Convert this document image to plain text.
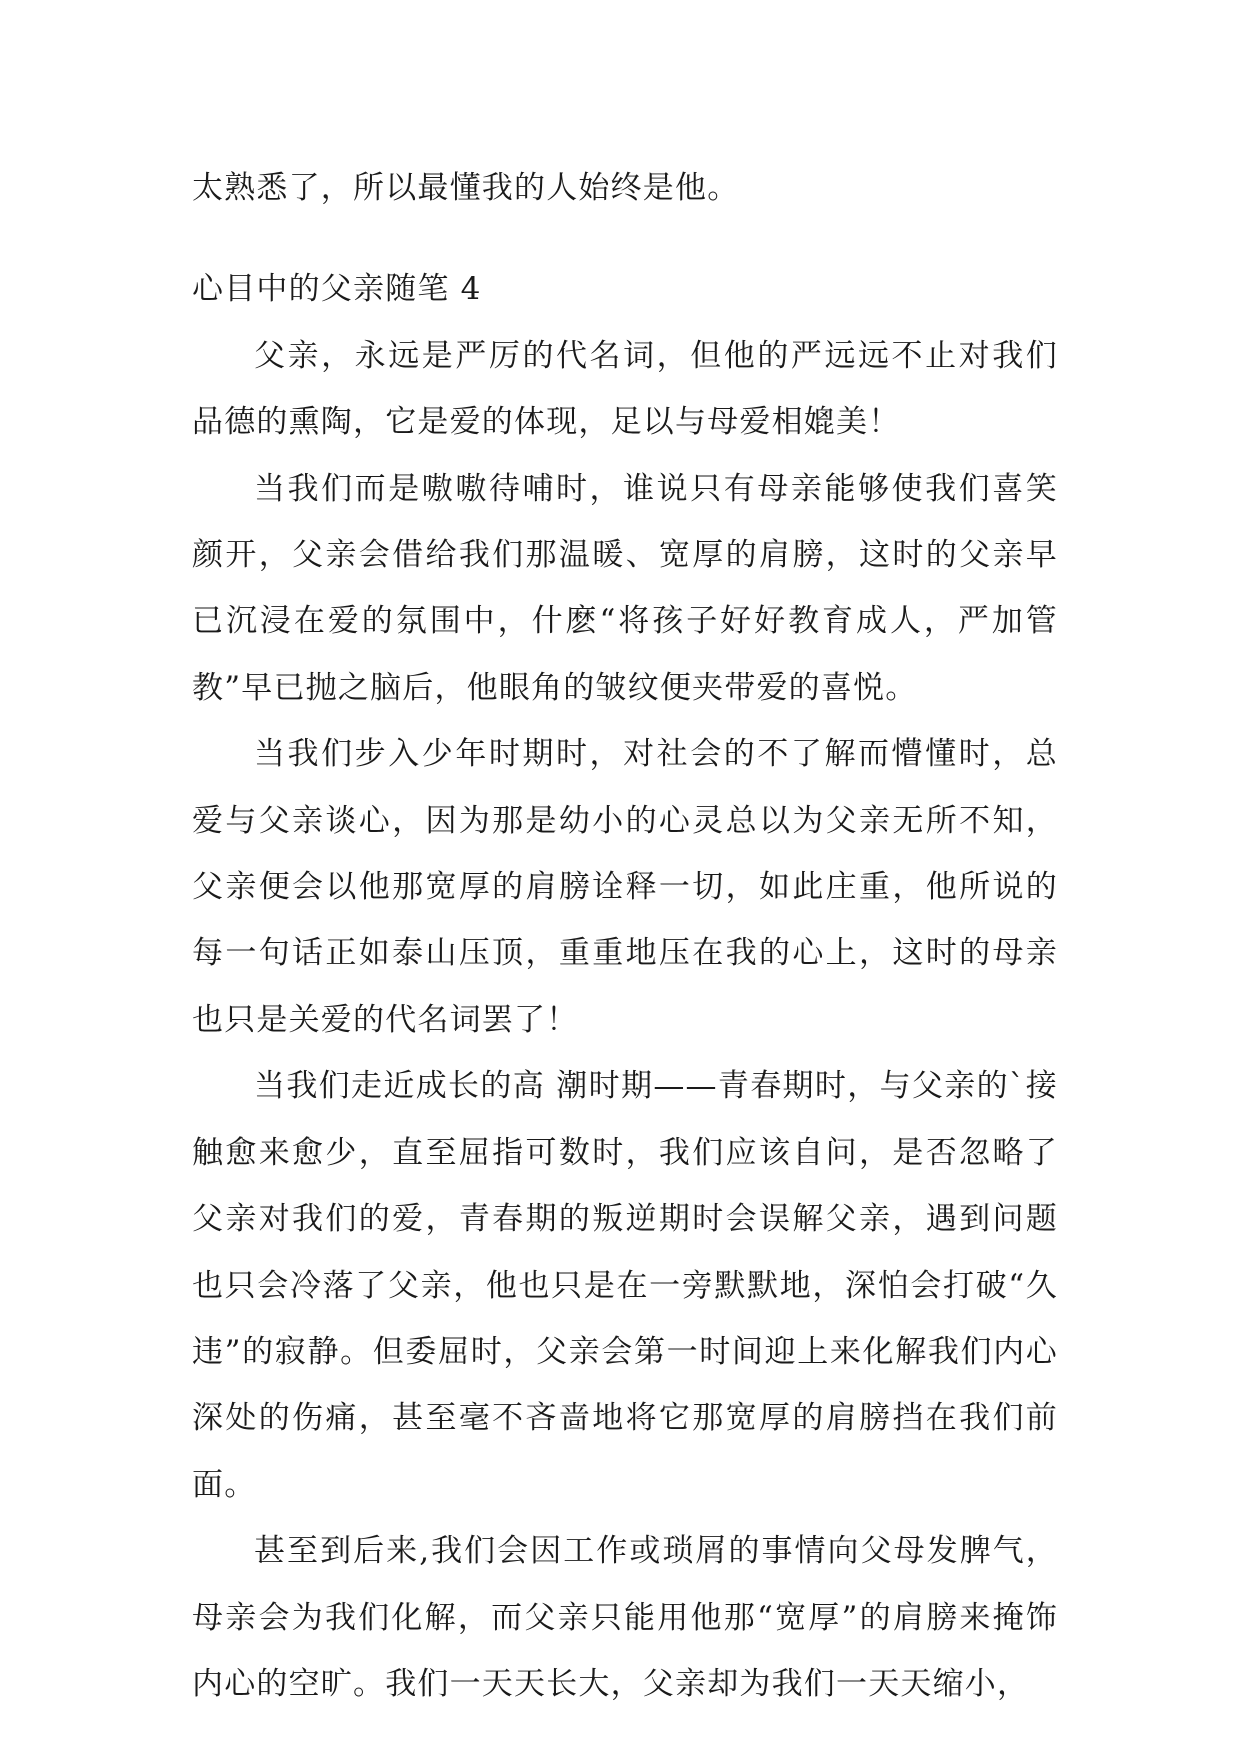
太熟悉了，所以最懂我的人始终是他。

心目中的父亲随笔 4

父亲，永远是严厉的代名词，但他的严远远不止对我们品德的熏陶，它是爱的体现，足以与母爱相媲美！

当我们而是嗷嗷待哺时，谁说只有母亲能够使我们喜笑颜开，父亲会借给我们那温暖、宽厚的肩膀，这时的父亲早已沉浸在爱的氛围中，什麽“将孩子好好教育成人，严加管教”早已抛之脑后，他眼角的皱纹便夹带爱的喜悦。

当我们步入少年时期时，对社会的不了解而懵懂时，总爱与父亲谈心，因为那是幼小的心灵总以为父亲无所不知，父亲便会以他那宽厚的肩膀诠释一切，如此庄重，他所说的每一句话正如泰山压顶，重重地压在我的心上，这时的母亲也只是关爱的代名词罢了！

当我们走近成长的高 潮时期——青春期时，与父亲的`接触愈来愈少，直至屈指可数时，我们应该自问，是否忽略了父亲对我们的爱，青春期的叛逆期时会误解父亲，遇到问题也只会冷落了父亲，他也只是在一旁默默地，深怕会打破“久违”的寂静。但委屈时，父亲会第一时间迎上来化解我们内心深处的伤痛，甚至毫不吝啬地将它那宽厚的肩膀挡在我们前面。

甚至到后来,我们会因工作或琐屑的事情向父母发脾气，母亲会为我们化解，而父亲只能用他那“宽厚”的肩膀来掩饰内心的空旷。我们一天天长大，父亲却为我们一天天缩小，
